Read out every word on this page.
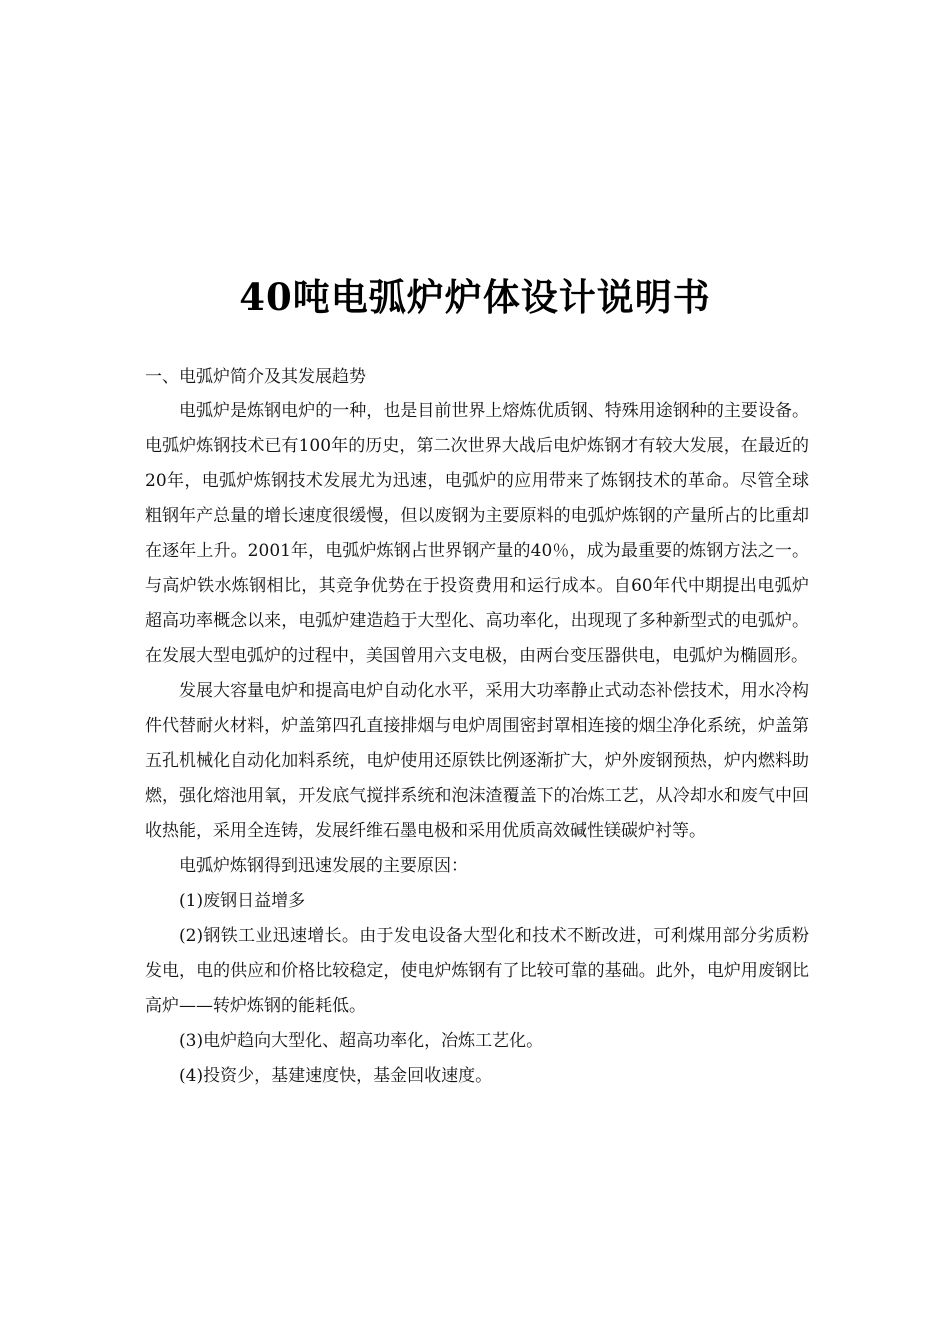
40吨电弧炉炉体设计说明书

一、电弧炉简介及其发展趋势

电弧炉是炼钢电炉的一种，也是目前世界上熔炼优质钢、特殊用途钢种的主要设备。电弧炉炼钢技术已有100年的历史，第二次世界大战后电炉炼钢才有较大发展，在最近的20年，电弧炉炼钢技术发展尤为迅速，电弧炉的应用带来了炼钢技术的革命。尽管全球粗钢年产总量的增长速度很缓慢，但以废钢为主要原料的电弧炉炼钢的产量所占的比重却在逐年上升。2001年，电弧炉炼钢占世界钢产量的40％，成为最重要的炼钢方法之一。与高炉铁水炼钢相比，其竞争优势在于投资费用和运行成本。自60年代中期提出电弧炉超高功率概念以来，电弧炉建造趋于大型化、高功率化，出现现了多种新型式的电弧炉。在发展大型电弧炉的过程中，美国曾用六支电极，由两台变压器供电，电弧炉为椭圆形。

发展大容量电炉和提高电炉自动化水平，采用大功率静止式动态补偿技术，用水冷构件代替耐火材料，炉盖第四孔直接排烟与电炉周围密封罩相连接的烟尘净化系统，炉盖第五孔机械化自动化加料系统，电炉使用还原铁比例逐渐扩大，炉外废钢预热，炉内燃料助燃，强化熔池用氧，开发底气搅拌系统和泡沫渣覆盖下的冶炼工艺，从冷却水和废气中回收热能，采用全连铸，发展纤维石墨电极和采用优质高效碱性镁碳炉衬等。

电弧炉炼钢得到迅速发展的主要原因：

(1)废钢日益增多

(2)钢铁工业迅速增长。由于发电设备大型化和技术不断改进，可利煤用部分劣质粉发电，电的供应和价格比较稳定，使电炉炼钢有了比较可靠的基础。此外，电炉用废钢比高炉——转炉炼钢的能耗低。

(3)电炉趋向大型化、超高功率化，冶炼工艺化。

(4)投资少，基建速度快，基金回收速度。
